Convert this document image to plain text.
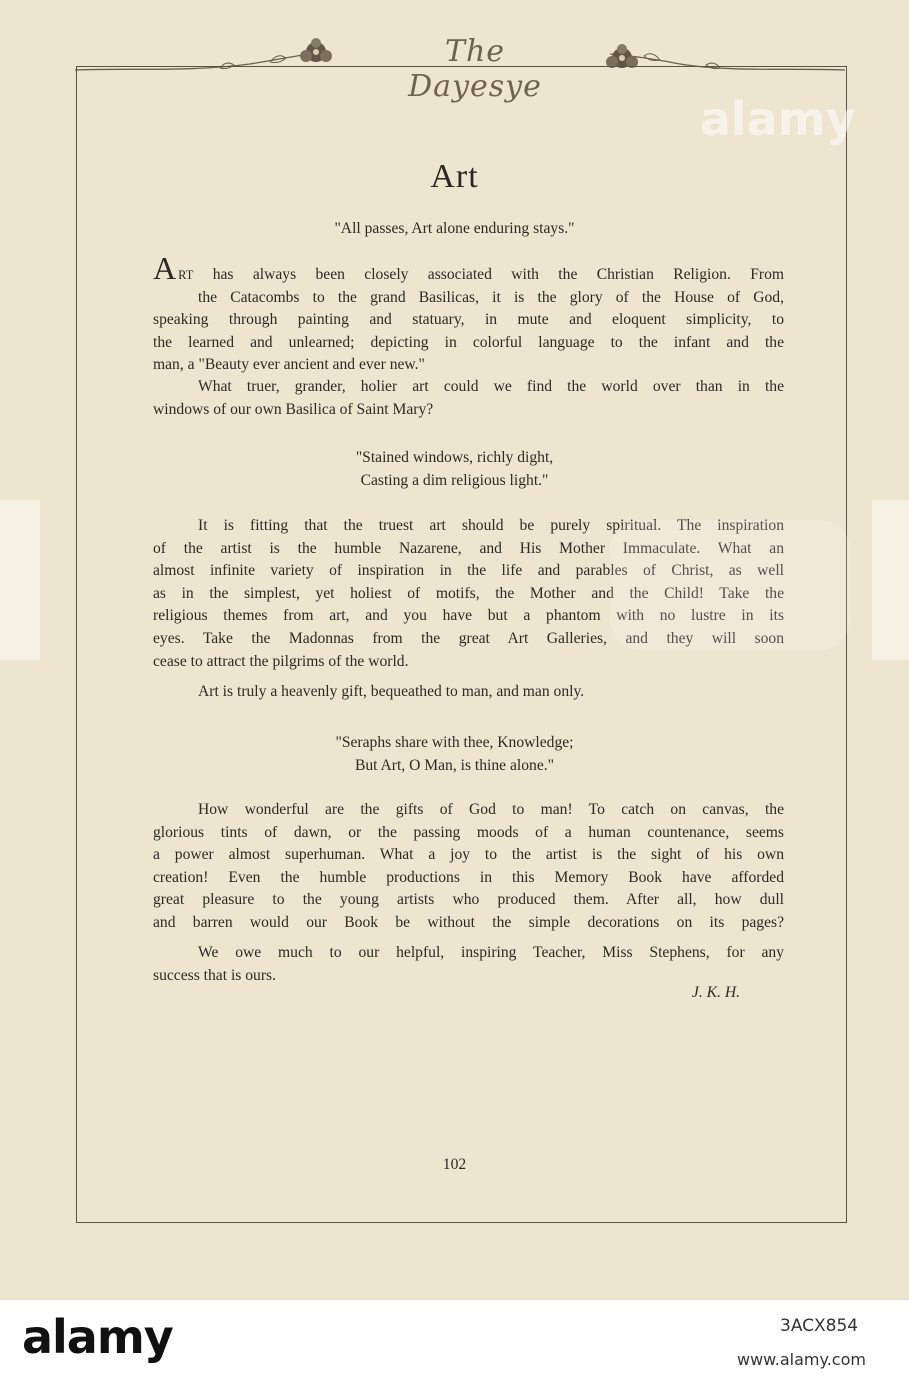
The Dayesye
Art
"All passes, Art alone enduring stays."
ART has always been closely associated with the Christian Religion. From
the Catacombs to the grand Basilicas, it is the glory of the House of God,
speaking through painting and statuary, in mute and eloquent simplicity, to
the learned and unlearned; depicting in colorful language to the infant and the
man, a "Beauty ever ancient and ever new."
What truer, grander, holier art could we find the world over than in the
windows of our own Basilica of Saint Mary?
"Stained windows, richly dight,
Casting a dim religious light."
It is fitting that the truest art should be purely spiritual. The inspiration
of the artist is the humble Nazarene, and His Mother Immaculate. What an
almost infinite variety of inspiration in the life and parables of Christ, as well
as in the simplest, yet holiest of motifs, the Mother and the Child! Take the
religious themes from art, and you have but a phantom with no lustre in its
eyes. Take the Madonnas from the great Art Galleries, and they will soon
cease to attract the pilgrims of the world.
Art is truly a heavenly gift, bequeathed to man, and man only.
"Seraphs share with thee, Knowledge;
But Art, O Man, is thine alone."
How wonderful are the gifts of God to man! To catch on canvas, the
glorious tints of dawn, or the passing moods of a human countenance, seems
a power almost superhuman. What a joy to the artist is the sight of his own
creation! Even the humble productions in this Memory Book have afforded
great pleasure to the young artists who produced them. After all, how dull
and barren would our Book be without the simple decorations on its pages?
We owe much to our helpful, inspiring Teacher, Miss Stephens, for any
success that is ours.
J. K. H.
102
alamy
alamy	3ACX854
www.alamy.com
